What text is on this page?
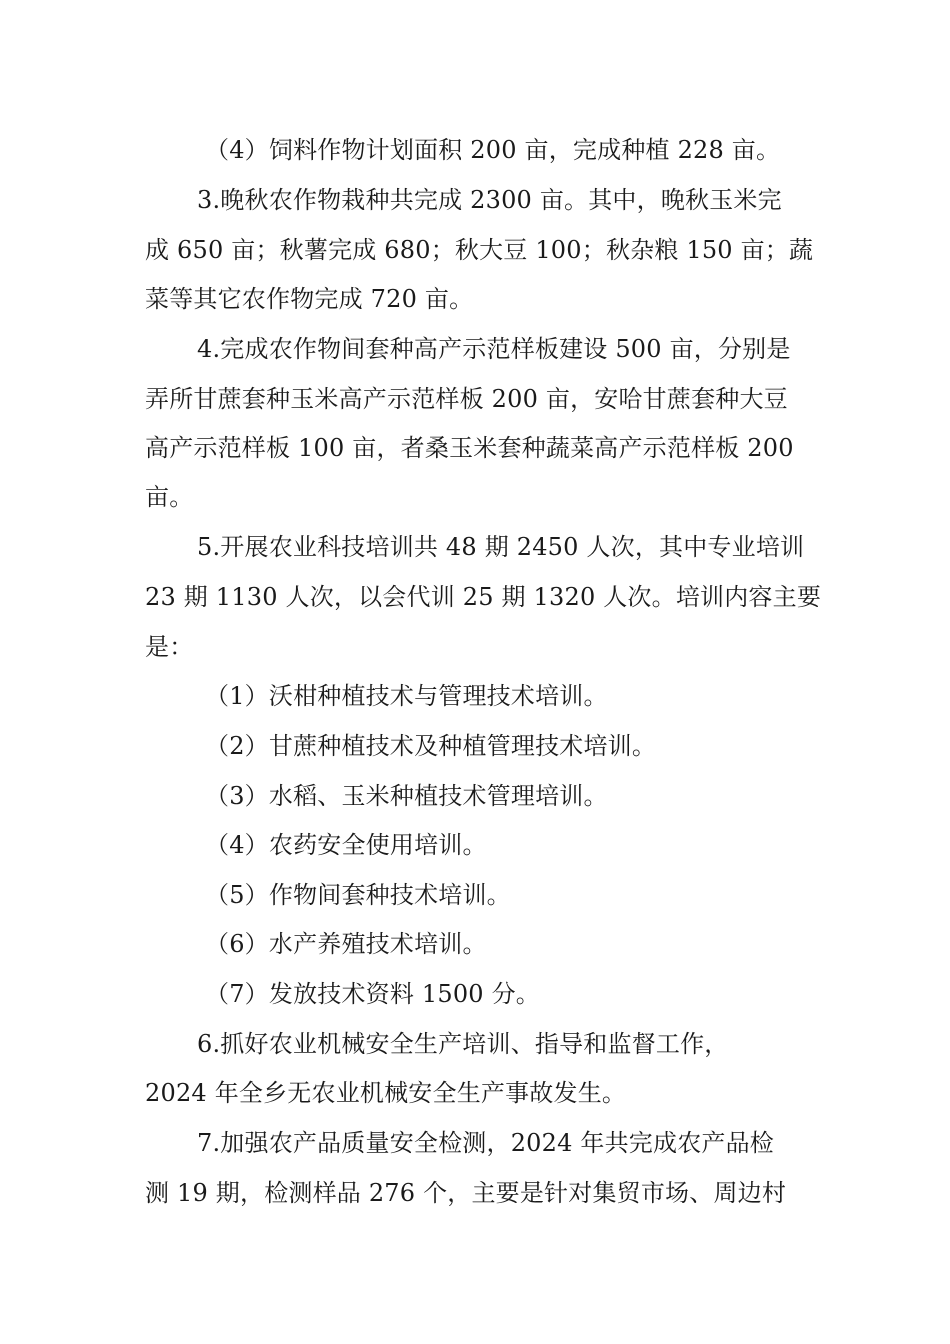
（4）饲料作物计划面积 200 亩，完成种植 228 亩。
3.晚秋农作物栽种共完成 2300 亩。其中，晚秋玉米完
成 650 亩；秋薯完成 680；秋大豆 100；秋杂粮 150 亩；蔬
菜等其它农作物完成 720 亩。
4.完成农作物间套种高产示范样板建设 500 亩，分别是
弄所甘蔗套种玉米高产示范样板 200 亩，安哈甘蔗套种大豆
高产示范样板 100 亩，者桑玉米套种蔬菜高产示范样板 200
亩。
5.开展农业科技培训共 48 期 2450 人次，其中专业培训
23 期 1130 人次，以会代训 25 期 1320 人次。培训内容主要
是：
（1）沃柑种植技术与管理技术培训。
（2）甘蔗种植技术及种植管理技术培训。
（3）水稻、玉米种植技术管理培训。
（4）农药安全使用培训。
（5）作物间套种技术培训。
（6）水产养殖技术培训。
（7）发放技术资料 1500 分。
6.抓好农业机械安全生产培训、指导和监督工作，
2024 年全乡无农业机械安全生产事故发生。
7.加强农产品质量安全检测，2024 年共完成农产品检
测 19 期，检测样品 276 个，主要是针对集贸市场、周边村
